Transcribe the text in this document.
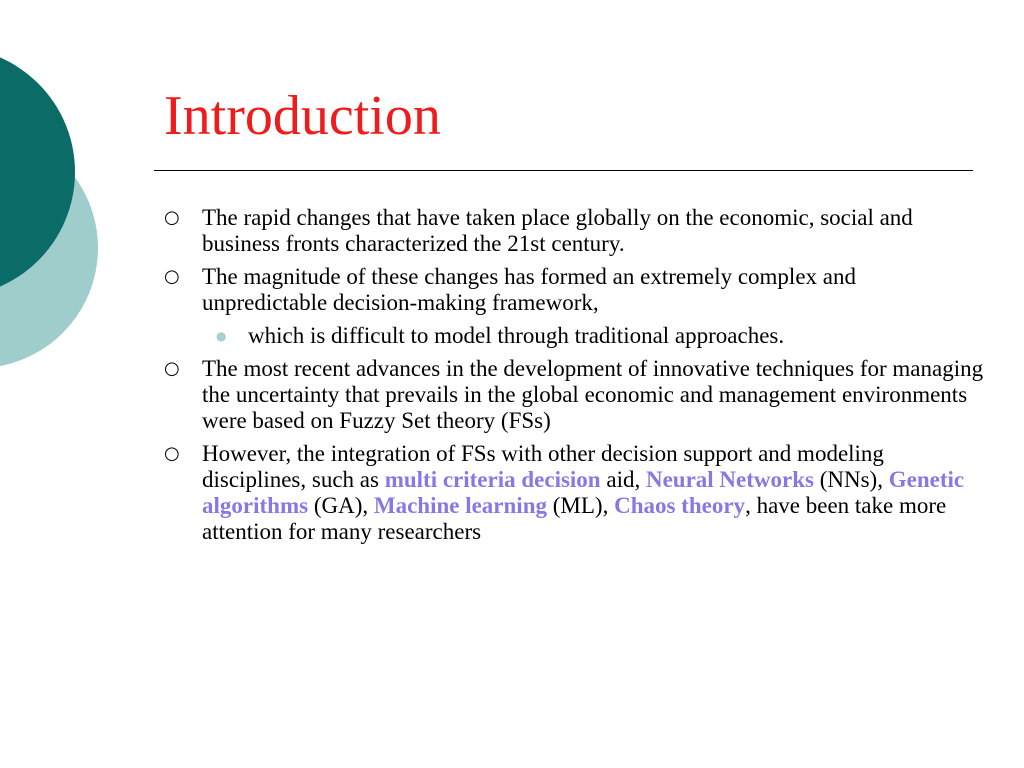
Introduction
○ The rapid changes that have taken place globally on the economic, social and business fronts characterized the 21st century.
○ The magnitude of these changes has formed an extremely complex and unpredictable decision-making framework,
● which is difficult to model through traditional approaches.
○ The most recent advances in the development of innovative techniques for managing the uncertainty that prevails in the global economic and management environments were based on Fuzzy Set theory (FSs)
○ However, the integration of FSs with other decision support and modeling disciplines, such as multi criteria decision aid, Neural Networks (NNs), Genetic algorithms (GA), Machine learning (ML), Chaos theory, have been take more attention for many researchers
